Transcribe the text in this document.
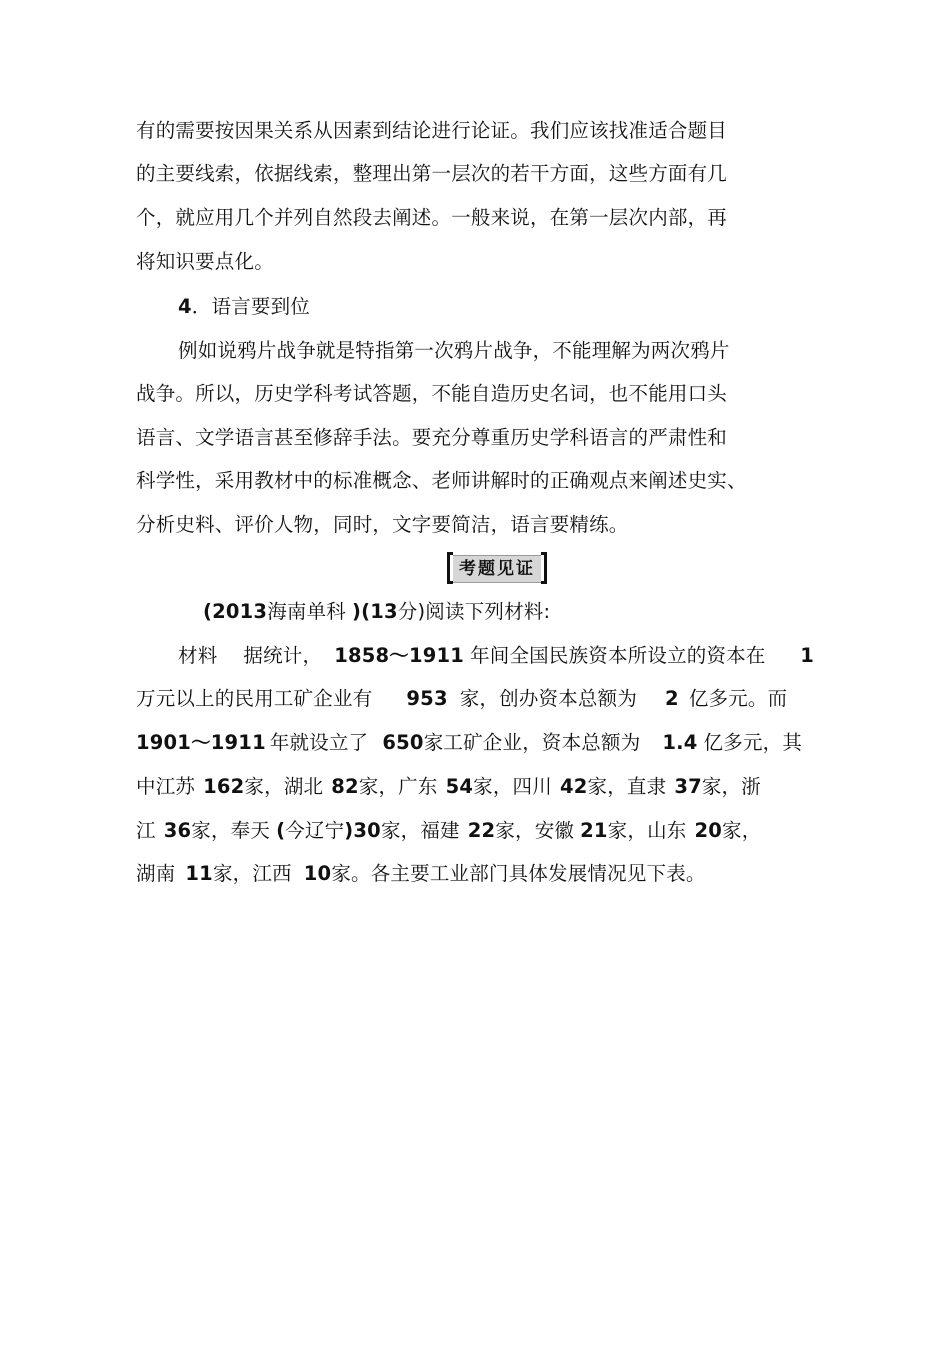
有的需要按因果关系从因素到结论进行论证。我们应该找准适合题目
的主要线索，依据线索，整理出第一层次的若干方面，这些方面有几
个，就应用几个并列自然段去阐述。一般来说，在第一层次内部，再
将知识要点化。
4．语言要到位
例如说鸦片战争就是特指第一次鸦片战争，不能理解为两次鸦片
战争。所以，历史学科考试答题，不能自造历史名词，也不能用口头
语言、文学语言甚至修辞手法。要充分尊重历史学科语言的严肃性和
科学性，采用教材中的标准概念、老师讲解时的正确观点来阐述史实、
分析史料、评价人物，同时，文字要简洁，语言要精练。
考题见证
(2013海南单科 )(13分)阅读下列材料:
材料 据统计， 1858～1911 年间全国民族资本所设立的资本在 1
万元以上的民用工矿企业有 953 家，创办资本总额为 2 亿多元。而
1901～1911 年就设立了 650家工矿企业，资本总额为 1.4 亿多元，其
中江苏 162家，湖北 82家，广东 54家，四川 42家，直隶 37家，浙
江 36家，奉天 (今辽宁)30家，福建 22家，安徽 21家，山东 20家，
湖南 11家，江西 10家。各主要工业部门具体发展情况见下表。
